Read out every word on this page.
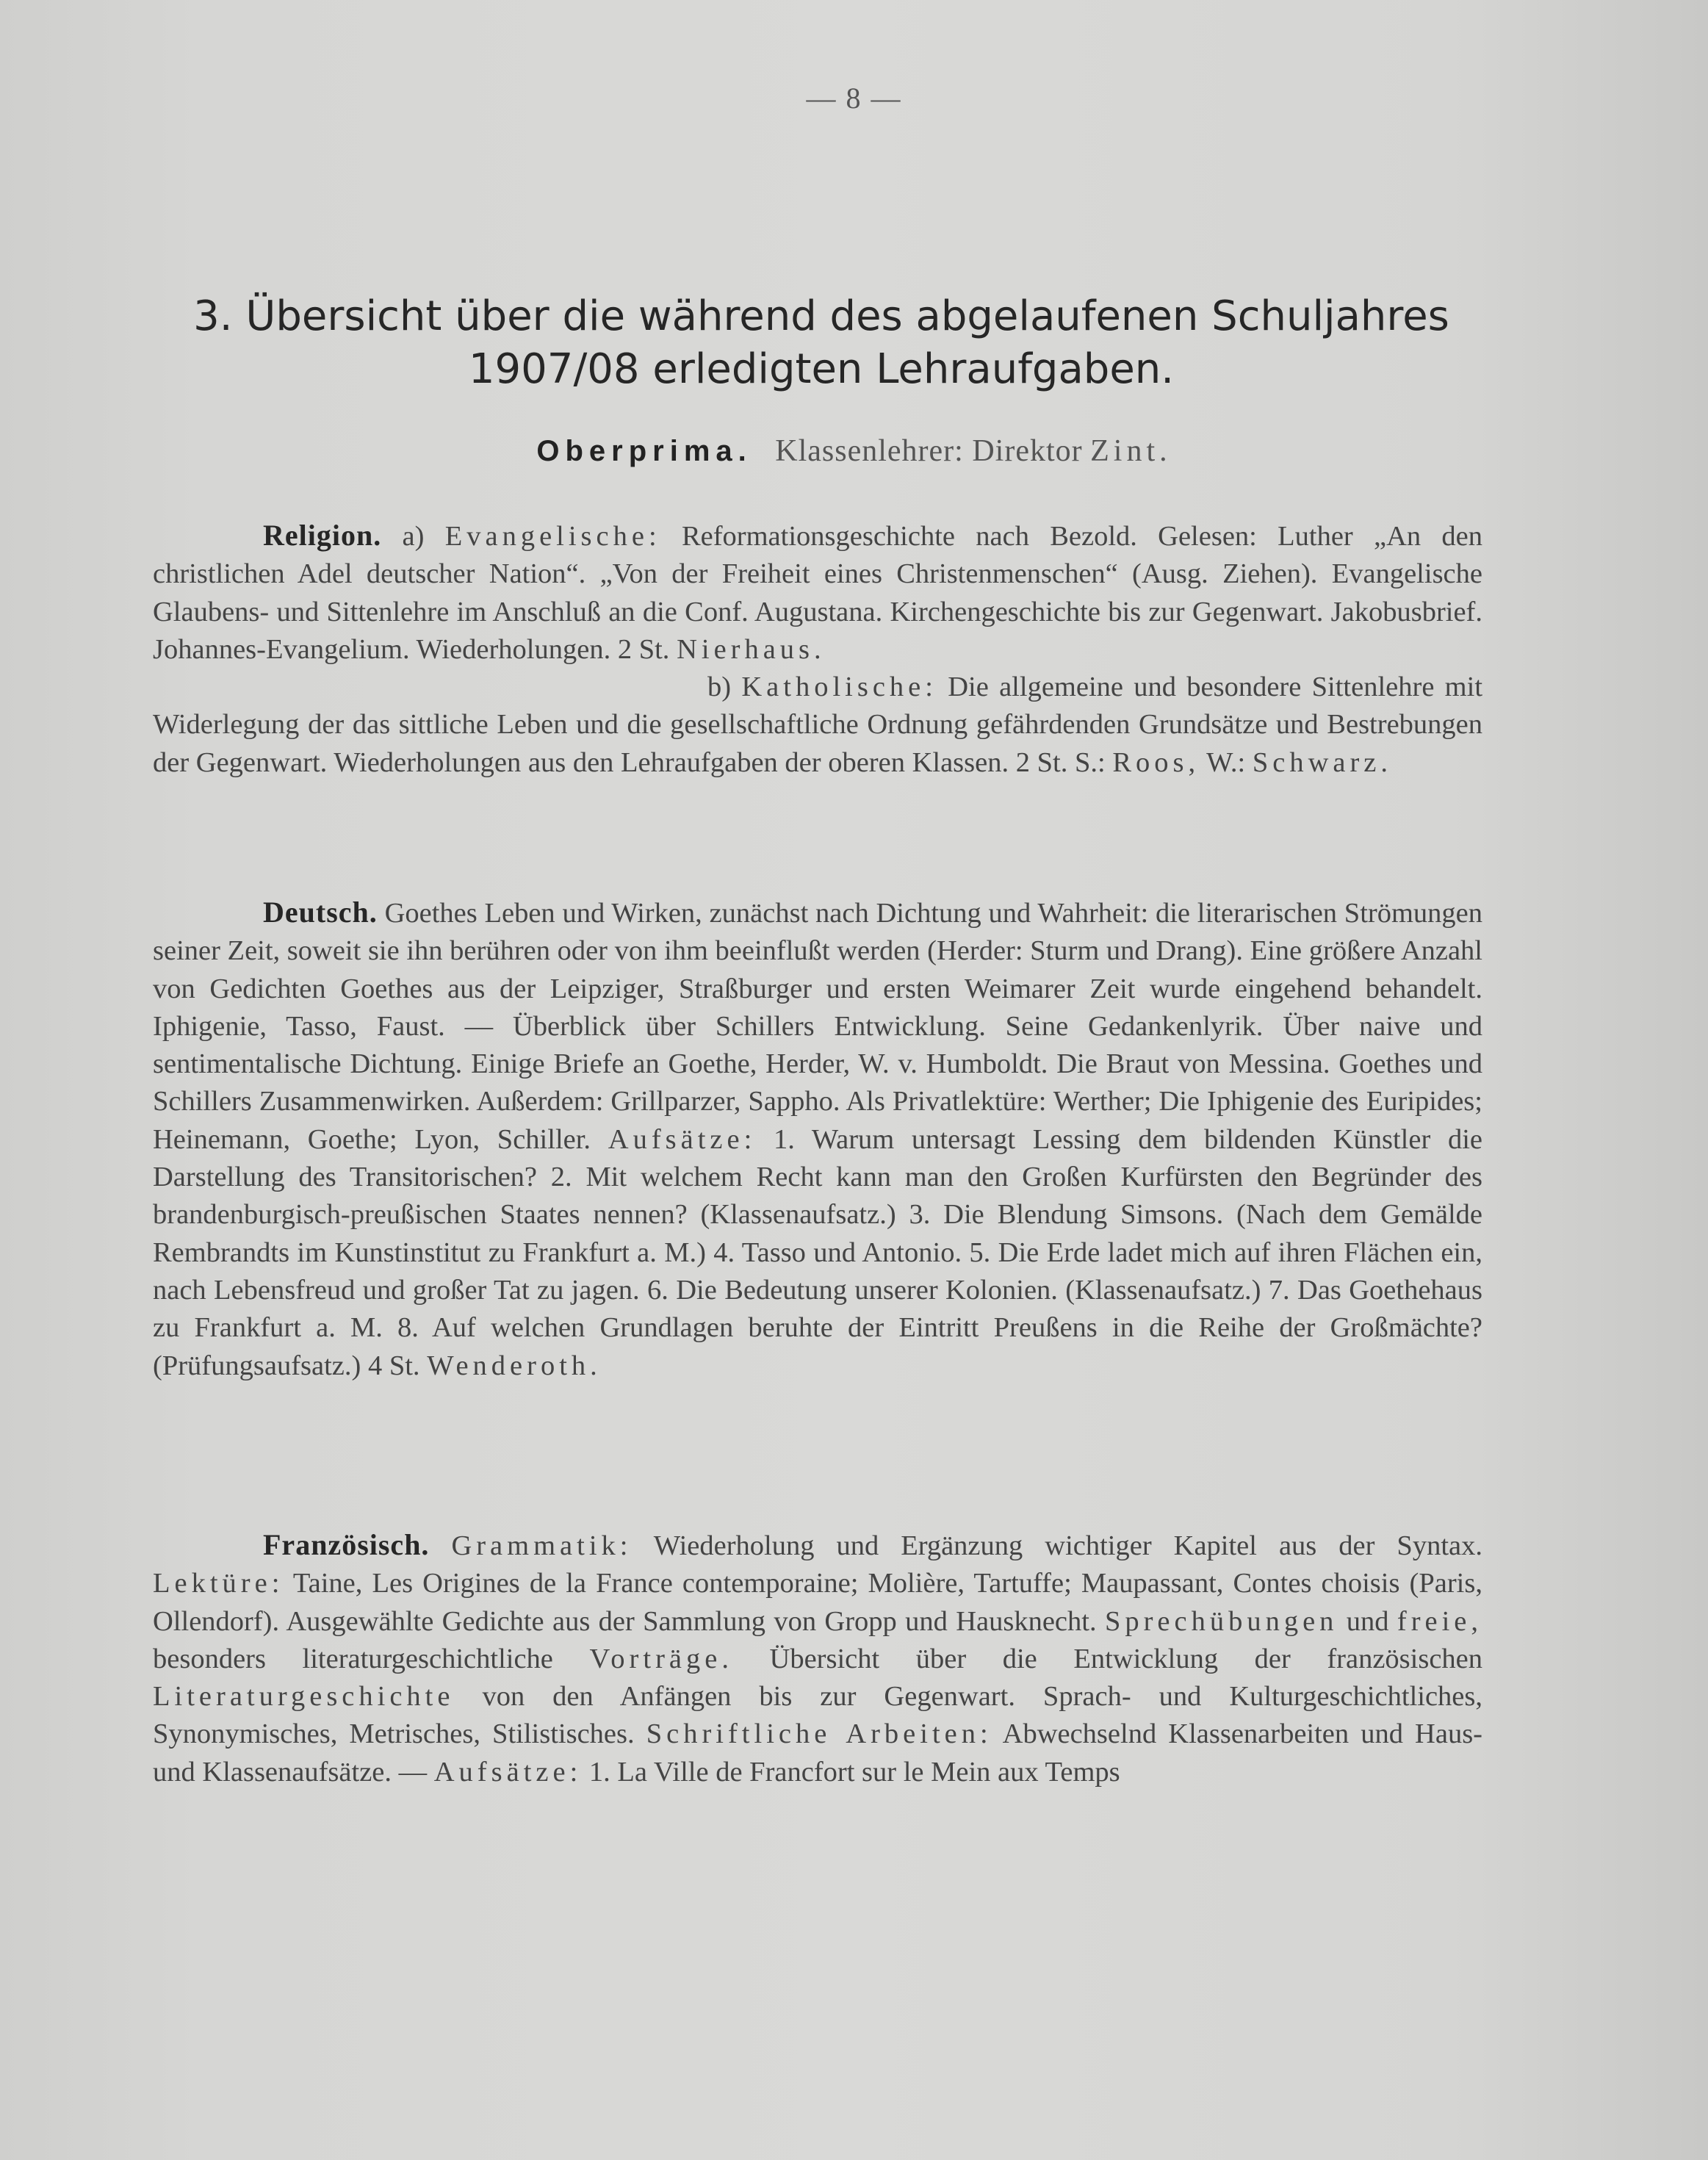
— 8 —
3. Übersicht über die während des abgelaufenen Schuljahres
1907/08 erledigten Lehraufgaben.
Oberprima. Klassenlehrer: Direktor Zint.

Religion. a) Evangelische: Reformationsgeschichte nach Bezold. Gelesen: Luther „An den christlichen Adel deutscher Nation“. „Von der Freiheit eines Christenmenschen“ (Ausg. Ziehen). Evangelische Glaubens- und Sittenlehre im Anschluß an die Conf. Augustana. Kirchengeschichte bis zur Gegenwart. Jakobusbrief. Johannes-Evangelium. Wiederholungen. 2 St. Nierhaus.

b) Katholische: Die allgemeine und besondere Sittenlehre mit Widerlegung der das sittliche Leben und die gesellschaftliche Ordnung gefährdenden Grundsätze und Bestrebungen der Gegenwart. Wiederholungen aus den Lehraufgaben der oberen Klassen. 2 St. S.: Roos, W.: Schwarz.

Deutsch. Goethes Leben und Wirken, zunächst nach Dichtung und Wahrheit: die literarischen Strömungen seiner Zeit, soweit sie ihn berühren oder von ihm beeinflußt werden (Herder: Sturm und Drang). Eine größere Anzahl von Gedichten Goethes aus der Leipziger, Straßburger und ersten Weimarer Zeit wurde eingehend behandelt. Iphigenie, Tasso, Faust. — Überblick über Schillers Entwicklung. Seine Gedankenlyrik. Über naive und sentimentalische Dichtung. Einige Briefe an Goethe, Herder, W. v. Humboldt. Die Braut von Messina. Goethes und Schillers Zusammenwirken. Außerdem: Grillparzer, Sappho. Als Privatlektüre: Werther; Die Iphigenie des Euripides; Heinemann, Goethe; Lyon, Schiller. Aufsätze: 1. Warum untersagt Lessing dem bildenden Künstler die Darstellung des Transitorischen? 2. Mit welchem Recht kann man den Großen Kurfürsten den Begründer des brandenburgisch-preußischen Staates nennen? (Klassenaufsatz.) 3. Die Blendung Simsons. (Nach dem Gemälde Rembrandts im Kunstinstitut zu Frankfurt a. M.) 4. Tasso und Antonio. 5. Die Erde ladet mich auf ihren Flächen ein, nach Lebensfreud und großer Tat zu jagen. 6. Die Bedeutung unserer Kolonien. (Klassenaufsatz.) 7. Das Goethehaus zu Frankfurt a. M. 8. Auf welchen Grundlagen beruhte der Eintritt Preußens in die Reihe der Großmächte? (Prüfungsaufsatz.) 4 St. Wenderoth.

Französisch. Grammatik: Wiederholung und Ergänzung wichtiger Kapitel aus der Syntax. Lektüre: Taine, Les Origines de la France contemporaine; Molière, Tartuffe; Maupassant, Contes choisis (Paris, Ollendorf). Ausgewählte Gedichte aus der Sammlung von Gropp und Hausknecht. Sprechübungen und freie, besonders literaturgeschichtliche Vorträge. Übersicht über die Entwicklung der französischen Literaturgeschichte von den Anfängen bis zur Gegenwart. Sprach- und Kulturgeschichtliches, Synonymisches, Metrisches, Stilistisches. Schriftliche Arbeiten: Abwechselnd Klassenarbeiten und Haus- und Klassenaufsätze. — Aufsätze: 1. La Ville de Francfort sur le Mein aux Temps
